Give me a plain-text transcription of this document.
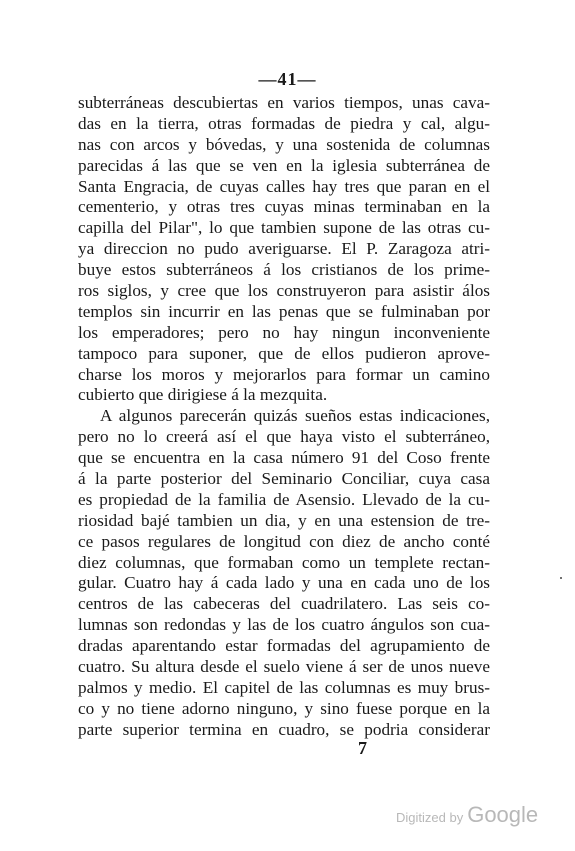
—41—
subterráneas descubiertas en varios tiempos, unas cava-
das en la tierra, otras formadas de piedra y cal, algu-
nas con arcos y bóvedas, y una sostenida de columnas
parecidas á las que se ven en la iglesia subterránea de
Santa Engracia, de cuyas calles hay tres que paran en el
cementerio, y otras tres cuyas minas terminaban en la
capilla del Pilar", lo que tambien supone de las otras cu-
ya direccion no pudo averiguarse. El P. Zaragoza atri-
buye estos subterráneos á los cristianos de los prime-
ros siglos, y cree que los construyeron para asistir álos
templos sin incurrir en las penas que se fulminaban por
los emperadores; pero no hay ningun inconveniente
tampoco para suponer, que de ellos pudieron aprove-
charse los moros y mejorarlos para formar un camino
cubierto que dirigiese á la mezquita.
A algunos parecerán quizás sueños estas indicaciones,
pero no lo creerá así el que haya visto el subterráneo,
que se encuentra en la casa número 91 del Coso frente
á la parte posterior del Seminario Conciliar, cuya casa
es propiedad de la familia de Asensio. Llevado de la cu-
riosidad bajé tambien un dia, y en una estension de tre-
ce pasos regulares de longitud con diez de ancho conté
diez columnas, que formaban como un templete rectan-
gular. Cuatro hay á cada lado y una en cada uno de los
centros de las cabeceras del cuadrilatero. Las seis co-
lumnas son redondas y las de los cuatro ángulos son cua-
dradas aparentando estar formadas del agrupamiento de
cuatro. Su altura desde el suelo viene á ser de unos nueve
palmos y medio. El capitel de las columnas es muy brus-
co y no tiene adorno ninguno, y sino fuese porque en la
parte superior termina en cuadro, se podria considerar
7
Digitized by Google
